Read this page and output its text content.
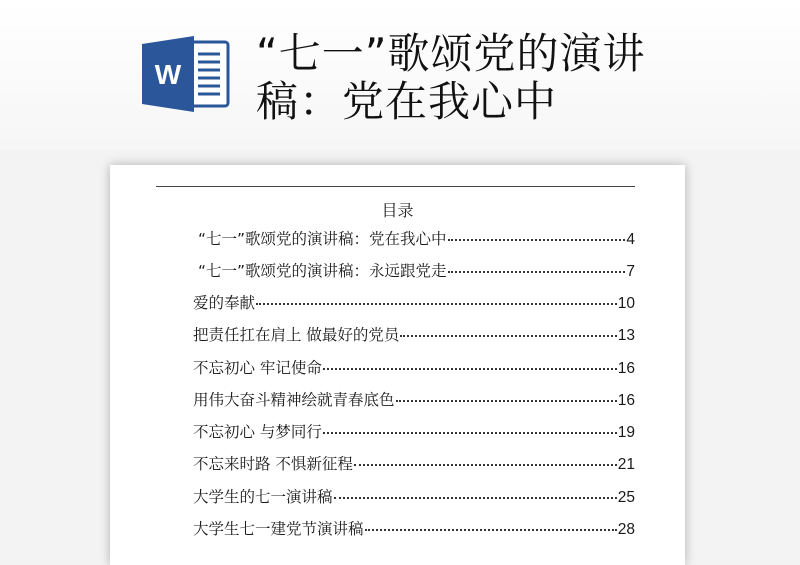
W “七一”歌颂党的演讲稿：党在我心中
目录
“七一”歌颂党的演讲稿：党在我心中	4
“七一”歌颂党的演讲稿：永远跟党走	7
爱的奉献	10
把责任扛在肩上 做最好的党员	13
不忘初心 牢记使命	16
用伟大奋斗精神绘就青春底色	16
不忘初心 与梦同行	19
不忘来时路 不惧新征程	21
大学生的七一演讲稿	25
大学生七一建党节演讲稿	28
